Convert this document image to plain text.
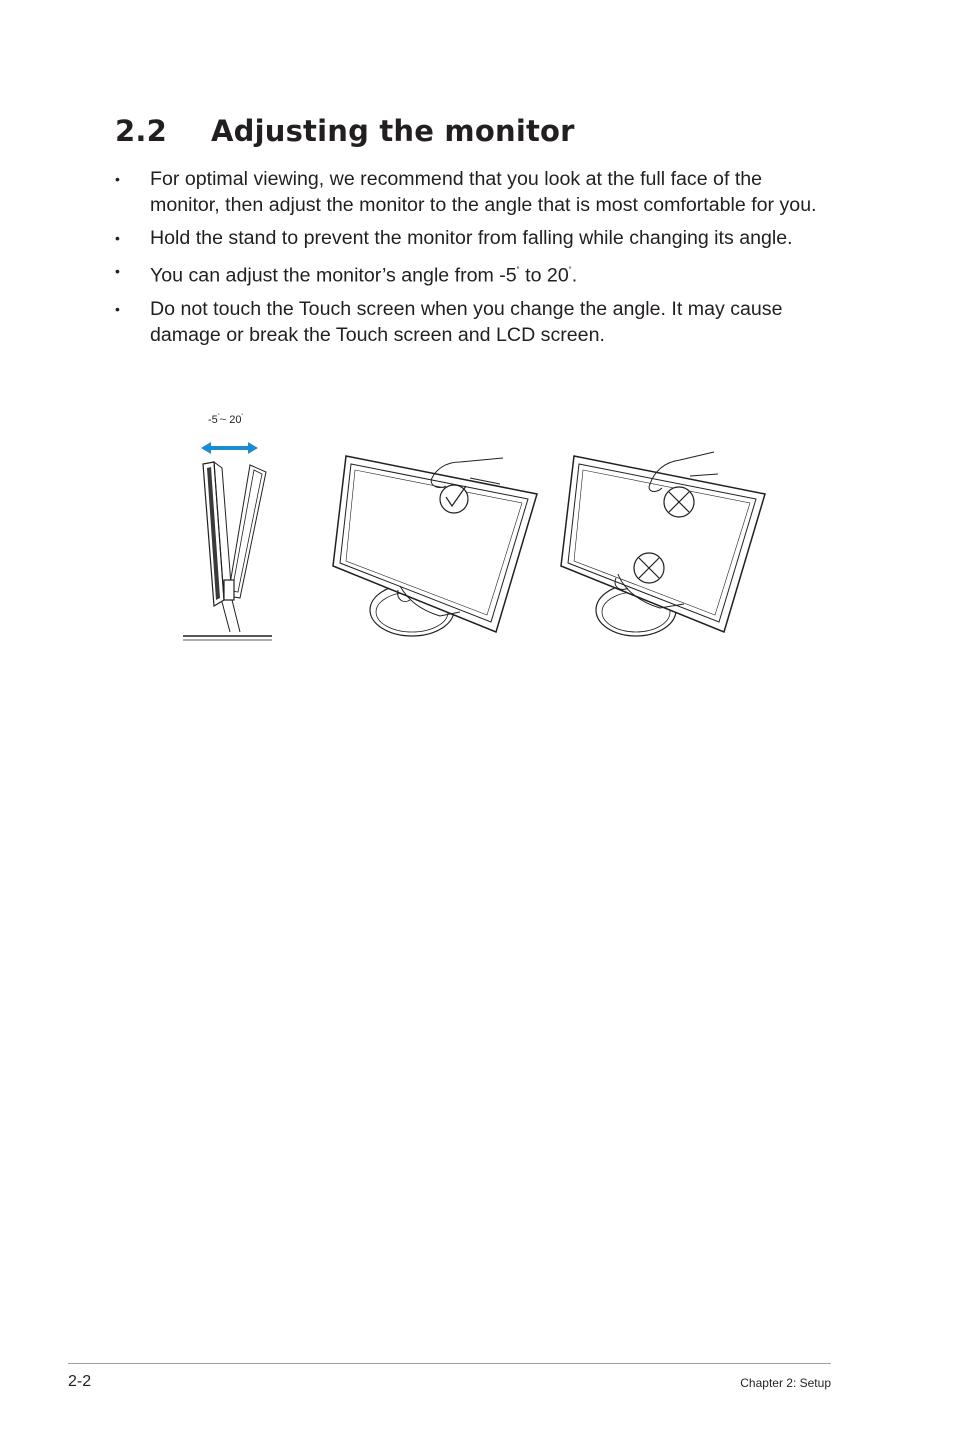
2.2 Adjusting the monitor
• For optimal viewing, we recommend that you look at the full face of the monitor, then adjust the monitor to the angle that is most comfortable for you.
• Hold the stand to prevent the monitor from falling while changing its angle.
• You can adjust the monitor’s angle from -5˚ to 20˚.
• Do not touch the Touch screen when you change the angle. It may cause damage or break the Touch screen and LCD screen.
-5˚~ 20˚
2-2	Chapter 2: Setup
